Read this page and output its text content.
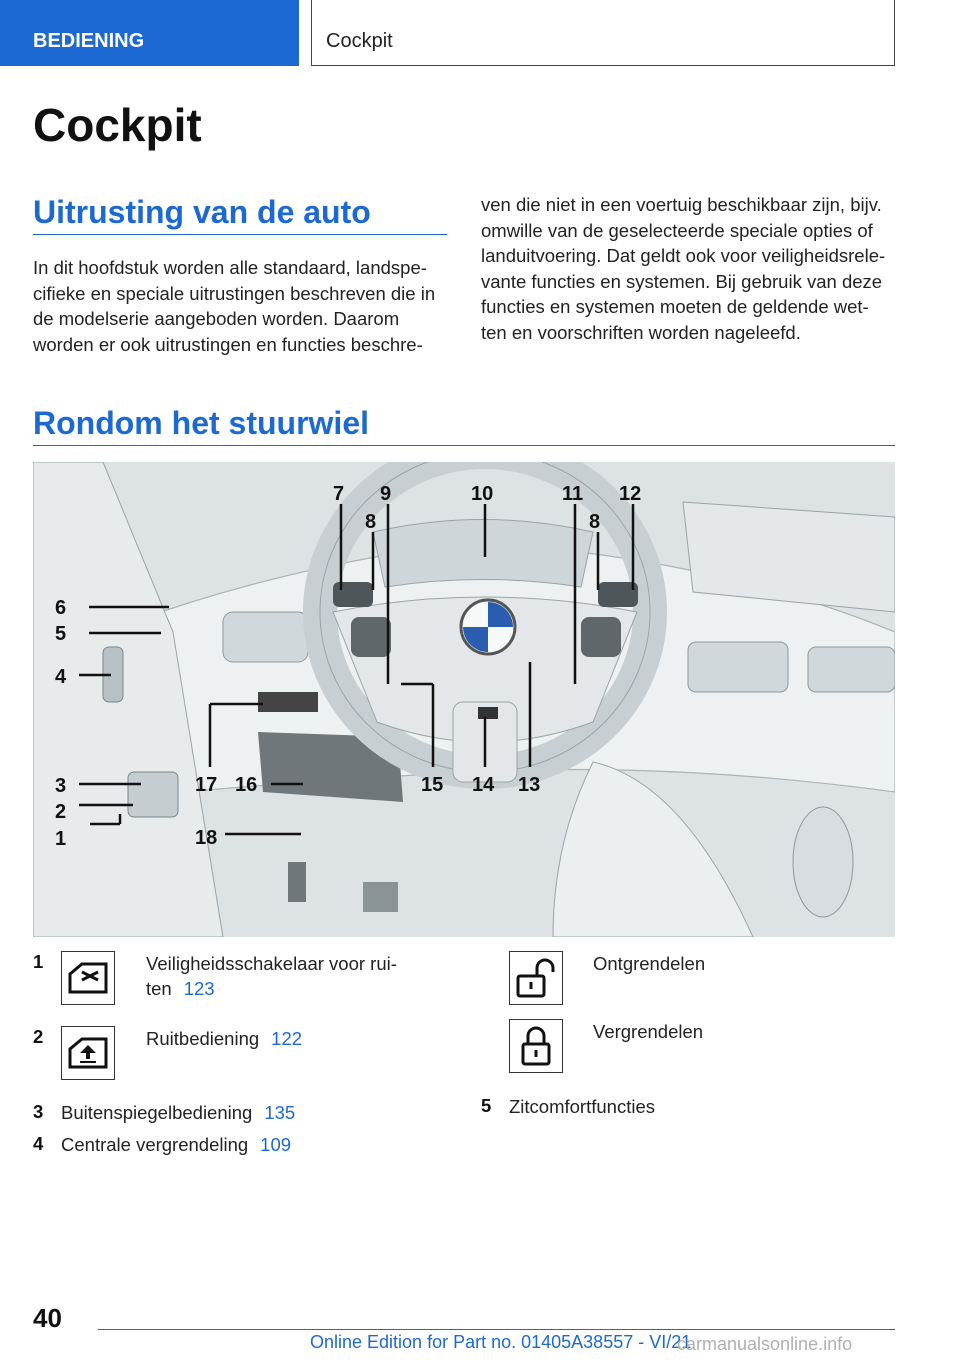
BEDIENING	Cockpit
Cockpit
Uitrusting van de auto
In dit hoofdstuk worden alle standaard, landspe-
cifieke en speciale uitrustingen beschreven die in
de modelserie aangeboden worden. Daarom
worden er ook uitrustingen en functies beschre-
ven die niet in een voertuig beschikbaar zijn, bijv.
omwille van de geselecteerde speciale opties of
landuitvoering. Dat geldt ook voor veiligheidsrele-
vante functies en systemen. Bij gebruik van deze
functies en systemen moeten de geldende wet-
ten en voorschriften worden nageleefd.
Rondom het stuurwiel
1
2
3
4
5
6
7
8
9	10	11
8
12
13
14
15
16
17
18
1	Veiligheidsschakelaar voor rui-
ten 123
2	Ruitbediening 122
3 Buitenspiegelbediening 135
4 Centrale vergrendeling 109
Ontgrendelen
Vergrendelen
5 Zitcomfortfuncties
40
Online Edition for Part no. 01405A38557 - VI/21
carmanualsonline.info
